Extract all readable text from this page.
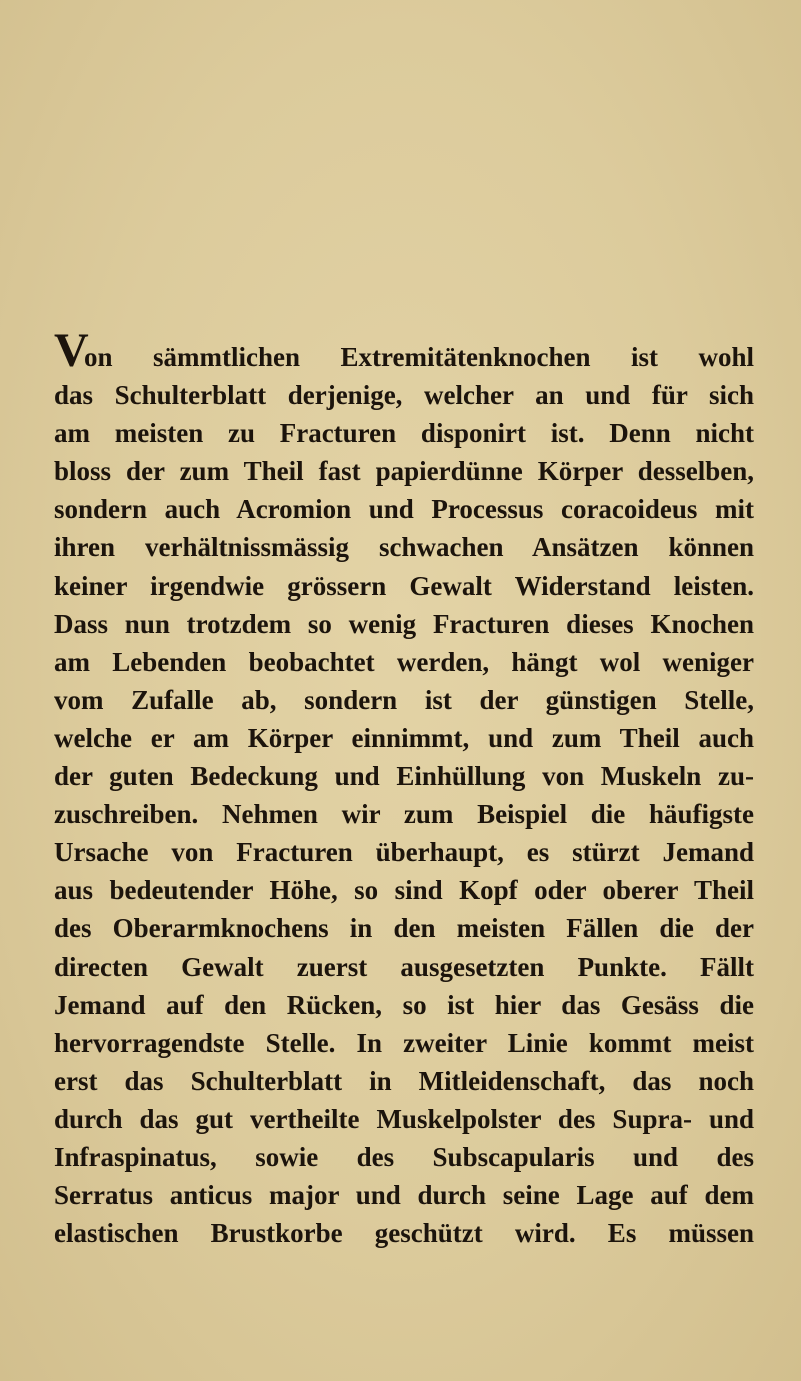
V
on sämmtlichen Extremitätenknochen ist wohl
das Schulterblatt derjenige, welcher an und für sich
am meisten zu Fracturen disponirt ist. Denn nicht
bloss der zum Theil fast papierdünne Körper desselben,
sondern auch Acromion und Processus coracoideus mit
ihren verhältnissmässig schwachen Ansätzen können
keiner irgendwie grössern Gewalt Widerstand leisten.
Dass nun trotzdem so wenig Fracturen dieses Knochen
am Lebenden beobachtet werden, hängt wol weniger
vom Zufalle ab, sondern ist der günstigen Stelle,
welche er am Körper einnimmt, und zum Theil auch
der guten Bedeckung und Einhüllung von Muskeln zu-
zuschreiben. Nehmen wir zum Beispiel die häufigste
Ursache von Fracturen überhaupt, es stürzt Jemand
aus bedeutender Höhe, so sind Kopf oder oberer Theil
des Oberarmknochens in den meisten Fällen die der
directen Gewalt zuerst ausgesetzten Punkte. Fällt
Jemand auf den Rücken, so ist hier das Gesäss die
hervorragendste Stelle. In zweiter Linie kommt meist
erst das Schulterblatt in Mitleidenschaft, das noch
durch das gut vertheilte Muskelpolster des Supra- und
Infraspinatus, sowie des Subscapularis und des
Serratus anticus major und durch seine Lage auf dem
elastischen Brustkorbe geschützt wird. Es müssen
